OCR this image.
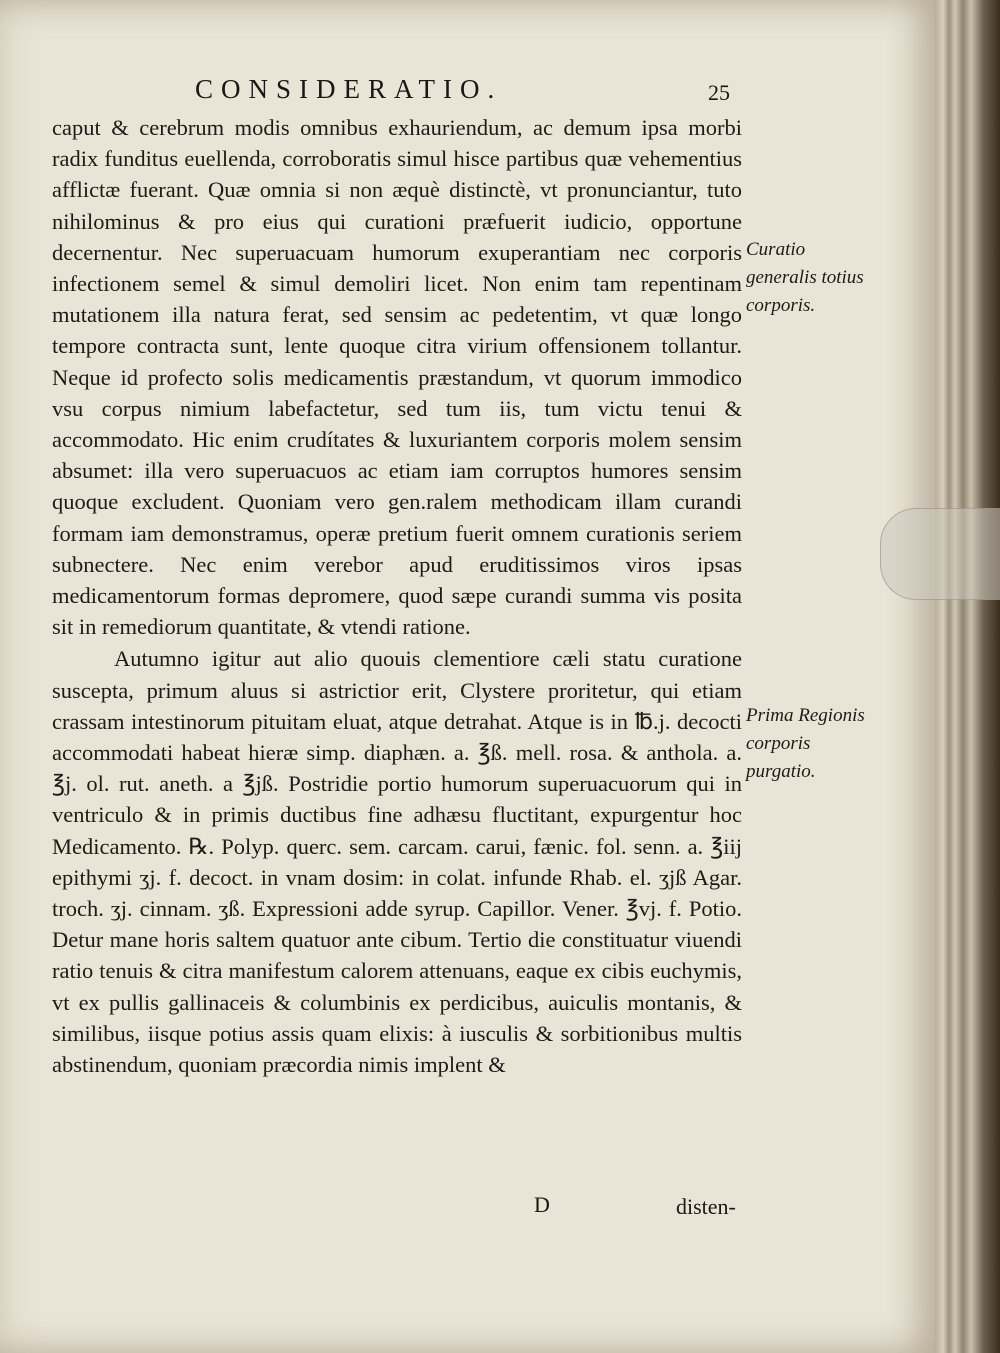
CONSIDERATIO.	25

caput & cerebrum modis omnibus exhauriendum, ac demum ipsa morbi radix funditus euellenda, corroboratis simul hisce partibus quæ vehementius afflictæ fuerant. Quæ omnia si non æquè distinctè, vt pronunciantur, tuto nihilominus & pro eius qui curationi præfuerit iudicio, opportune decernentur. Nec superuacuam humorum exuperantiam nec corporis infectionem semel & simul demoliri licet. Non enim tam repentinam mutationem illa natura ferat, sed sensim ac pedetentim, vt quæ longo tempore contracta sunt, lente quoque citra virium offensionem tollantur. Neque id profecto solis medicamentis præstandum, vt quorum immodico vsu corpus nimium labefactetur, sed tum iis, tum victu tenui & accommodato. Hic enim crudítates & luxuriantem corporis molem sensim absumet: illa vero superuacuos ac etiam iam corruptos humores sensim quoque excludent. Quoniam vero gen.ralem methodicam illam curandi formam iam demonstramus, operæ pretium fuerit omnem curationis seriem subnectere. Nec enim verebor apud eruditissimos viros ipsas medicamentorum formas depromere, quod sæpe curandi summa vis posita sit in remediorum quantitate, & vtendi ratione.

Autumno igitur aut alio quouis clementiore cæli statu curatione suscepta, primum aluus si astrictior erit, Clystere proritetur, qui etiam crassam intestinorum pituitam eluat, atque detrahat. Atque is in ℔.j. decocti accommodati habeat hieræ simp. diaphæn. a. ℥ß. mell. rosa. & anthola. a. ℥j. ol. rut. aneth. a ℥jß. Postridie portio humorum superuacuorum qui in ventriculo & in primis ductibus fine adhæsu fluctitant, expurgentur hoc Medicamento. ℞. Polyp. querc. sem. carcam. carui, fænic. fol. senn. a. ℥iij epithymi ʒj. f. decoct. in vnam dosim: in colat. infunde Rhab. el. ʒjß Agar. troch. ʒj. cinnam. ʒß. Expressioni adde syrup. Capillor. Vener. ℥vj. f. Potio. Detur mane horis saltem quatuor ante cibum. Tertio die constituatur viuendi ratio tenuis & citra manifestum calorem attenuans, eaque ex cibis euchymis, vt ex pullis gallinaceis & columbinis ex perdicibus, auiculis montanis, & similibus, iisque potius assis quam elixis: à iusculis & sorbitionibus multis abstinendum, quoniam præcordia nimis implent &

Curatio generalis totius corporis.
Prima Regionis corporis purgatio.
D	disten-
